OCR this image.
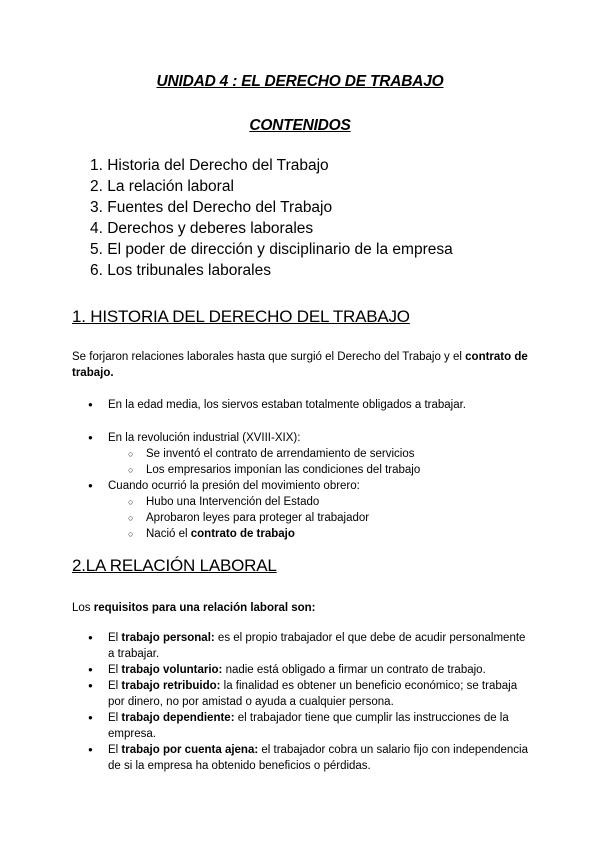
UNIDAD 4 : EL DERECHO DE TRABAJO
CONTENIDOS
1. Historia del Derecho del Trabajo
2. La relación laboral
3. Fuentes del Derecho del Trabajo
4. Derechos y deberes laborales
5. El poder de dirección y disciplinario de la empresa
6. Los tribunales laborales
1. HISTORIA DEL DERECHO DEL TRABAJO
Se forjaron relaciones laborales hasta que surgió el Derecho del Trabajo y el contrato de trabajo.
● En la edad media, los siervos estaban totalmente obligados a trabajar.
● En la revolución industrial (XVIII-XIX):
○ Se inventó el contrato de arrendamiento de servicios
○ Los empresarios imponían las condiciones del trabajo
● Cuando ocurrió la presión del movimiento obrero:
○ Hubo una Intervención del Estado
○ Aprobaron leyes para proteger al trabajador
○ Nació el contrato de trabajo
2.LA RELACIÓN LABORAL
Los requisitos para una relación laboral son:
● El trabajo personal: es el propio trabajador el que debe de acudir personalmente a trabajar.
● El trabajo voluntario: nadie está obligado a firmar un contrato de trabajo.
● El trabajo retribuido: la finalidad es obtener un beneficio económico; se trabaja por dinero, no por amistad o ayuda a cualquier persona.
● El trabajo dependiente: el trabajador tiene que cumplir las instrucciones de la empresa.
● El trabajo por cuenta ajena: el trabajador cobra un salario fijo con independencia de si la empresa ha obtenido beneficios o pérdidas.
